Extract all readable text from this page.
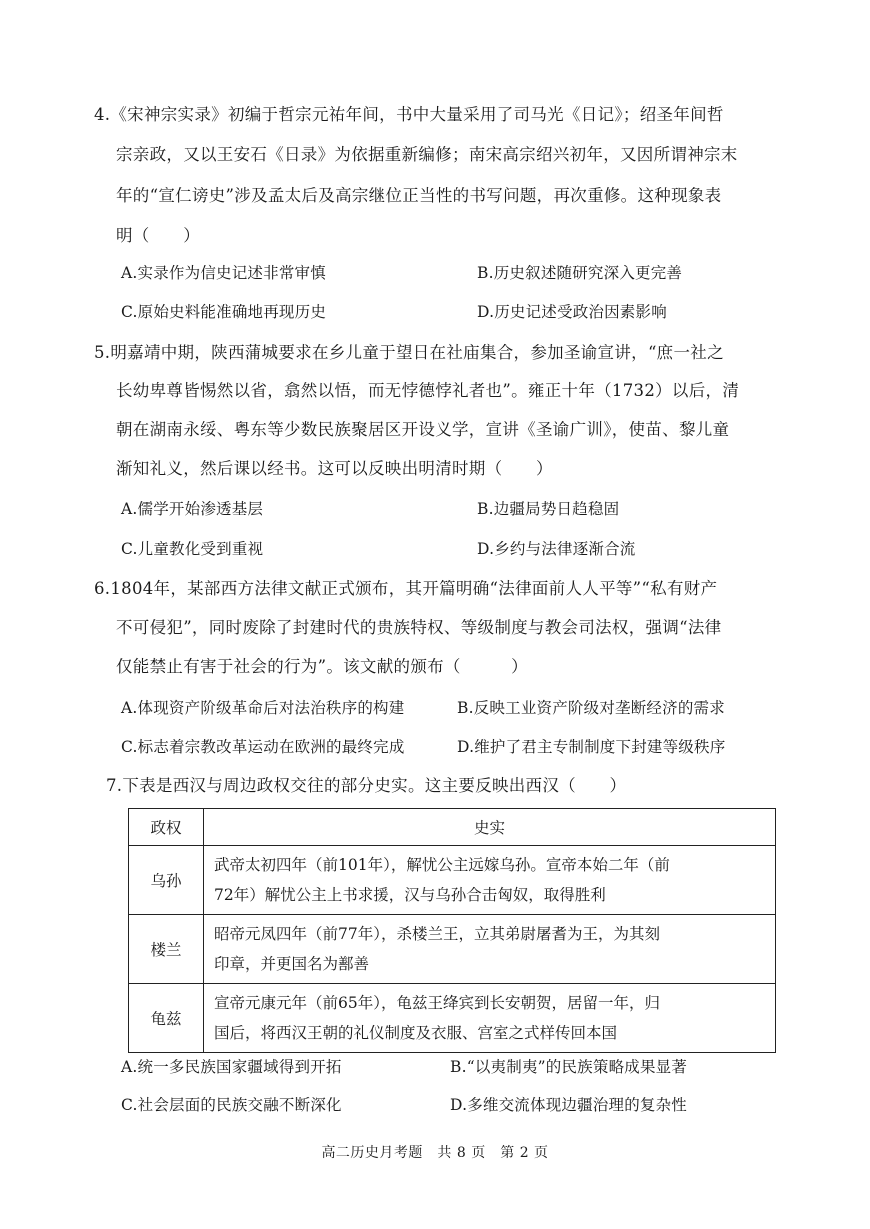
4.《宋神宗实录》初编于哲宗元祐年间，书中大量采用了司马光《日记》；绍圣年间哲
宗亲政，又以王安石《日录》为依据重新编修；南宋高宗绍兴初年，又因所谓神宗末
年的“宣仁谤史”涉及孟太后及高宗继位正当性的书写问题，再次重修。这种现象表
明（　　）
A.实录作为信史记述非常审慎	B.历史叙述随研究深入更完善
C.原始史料能准确地再现历史	D.历史记述受政治因素影响
5.明嘉靖中期，陕西蒲城要求在乡儿童于望日在社庙集合，参加圣谕宣讲，“庶一社之
长幼卑尊皆惕然以省，翕然以悟，而无悖德悖礼者也”。雍正十年（1732）以后，清
朝在湖南永绥、粤东等少数民族聚居区开设义学，宣讲《圣谕广训》，使苗、黎儿童
渐知礼义，然后课以经书。这可以反映出明清时期（　　）
A.儒学开始渗透基层	B.边疆局势日趋稳固
C.儿童教化受到重视	D.乡约与法律逐渐合流
6.1804年，某部西方法律文献正式颁布，其开篇明确“法律面前人人平等”“私有财产
不可侵犯”，同时废除了封建时代的贵族特权、等级制度与教会司法权，强调“法律
仅能禁止有害于社会的行为”。该文献的颁布（　　　）
A.体现资产阶级革命后对法治秩序的构建	B.反映工业资产阶级对垄断经济的需求
C.标志着宗教改革运动在欧洲的最终完成	D.维护了君主专制制度下封建等级秩序
7.下表是西汉与周边政权交往的部分史实。这主要反映出西汉（　　）
政权	史实
乌孙	武帝太初四年（前101年），解忧公主远嫁乌孙。宣帝本始二年（前
72年）解忧公主上书求援，汉与乌孙合击匈奴，取得胜利

楼兰	昭帝元凤四年（前77年），杀楼兰王，立其弟尉屠耆为王，为其刻
印章，并更国名为鄯善

龟兹	宣帝元康元年（前65年），龟兹王绛宾到长安朝贺，居留一年，归
国后，将西汉王朝的礼仪制度及衣服、宫室之式样传回本国
A.统一多民族国家疆域得到开拓	B.“以夷制夷”的民族策略成果显著
C.社会层面的民族交融不断深化	D.多维交流体现边疆治理的复杂性
高二历史月考题　共 8 页　第 2 页
